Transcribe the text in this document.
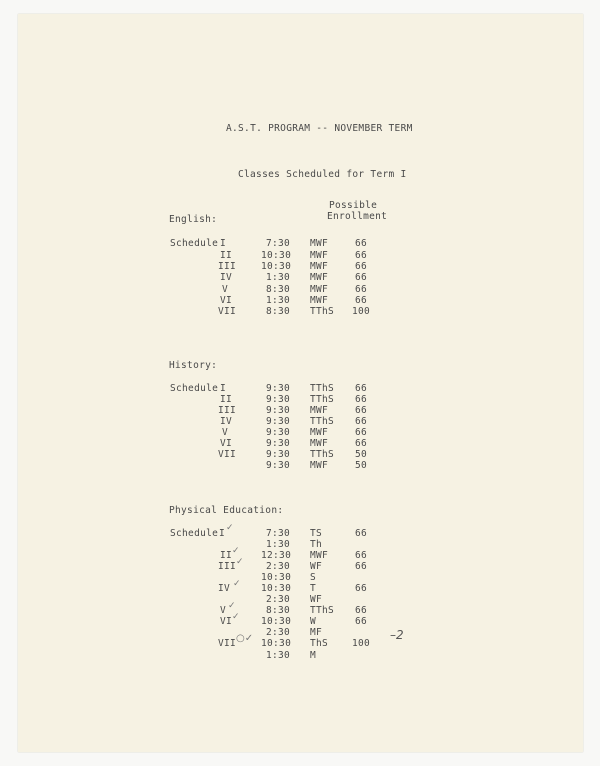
A.S.T. PROGRAM -- NOVEMBER TERM
Classes Scheduled for Term I
Possible
Enrollment
English:
Schedule I	7:30 MWF	66
II	10:30 MWF	66
III	10:30 MWF	66
IV	1:30 MWF	66
V	8:30 MWF	66
VI	1:30 MWF	66
VII	8:30 TThS 100
History:
Schedule I	9:30 TThS 66
II	9:30 TThS 66
III	9:30 MWF	66
IV	9:30 TThS 66
V	9:30 MWF	66
VI	9:30 MWF	66
VII	9:30 TThS 50
9:30 MWF	50
Physical Education:
Schedule I ✓	7:30 TS	66
1:30 Th
II ✓ 12:30 MWF	66
III ✓ 2:30 WF	66
10:30 S
IV ✓ 10:30 T	66
2:30 WF
V ✓	8:30 TThS 66
VI ✓ 10:30 W	66
2:30 MF
VII ○✓ 10:30 ThS	100
–2
1:30 M
